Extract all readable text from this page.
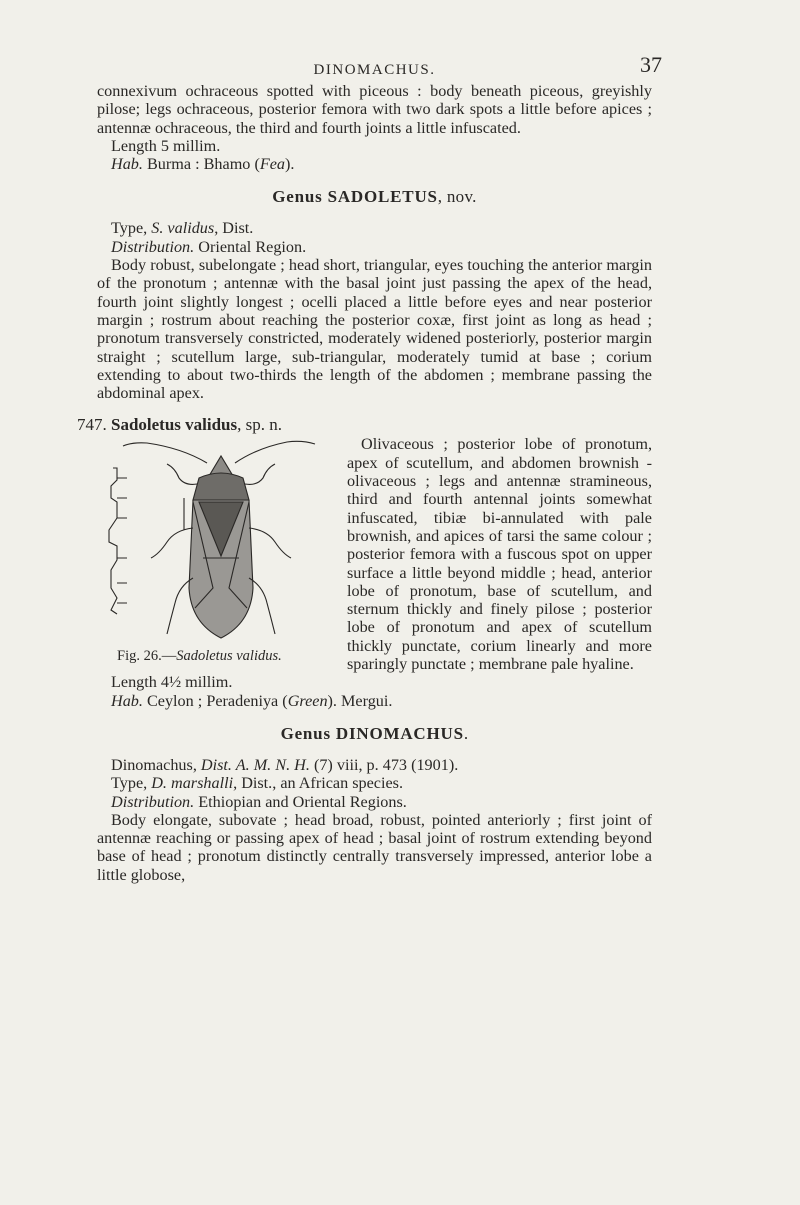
DINOMACHUS.	37

connexivum ochraceous spotted with piceous : body beneath piceous, greyishly pilose; legs ochraceous, posterior femora with two dark spots a little before apices ; antennæ ochraceous, the third and fourth joints a little infuscated.

Length 5 millim.

Hab. Burma : Bhamo (Fea).

Genus SADOLETUS, nov.

Type, S. validus, Dist.

Distribution. Oriental Region.

Body robust, subelongate ; head short, triangular, eyes touching the anterior margin of the pronotum ; antennæ with the basal joint just passing the apex of the head, fourth joint slightly longest ; ocelli placed a little before eyes and near posterior margin ; rostrum about reaching the posterior coxæ, first joint as long as head ; pronotum transversely constricted, moderately widened posteriorly, posterior margin straight ; scutellum large, sub-triangular, moderately tumid at base ; corium extending to about two-thirds the length of the abdomen ; membrane passing the abdominal apex.

747. Sadoletus validus, sp. n.
Fig. 26.—Sadoletus validus.

Olivaceous ; posterior lobe of pronotum, apex of scutellum, and abdomen brownish - olivaceous ; legs and antennæ stramineous, third and fourth antennal joints somewhat infuscated, tibiæ bi-annulated with pale brownish, and apices of tarsi the same colour ; posterior femora with a fuscous spot on upper surface a little beyond middle ; head, anterior lobe of pronotum, base of scutellum, and sternum thickly and finely pilose ; posterior lobe of pronotum and apex of scutellum thickly punctate, corium linearly and more sparingly punctate ; membrane pale hyaline.

Length 4½ millim.

Hab. Ceylon ; Peradeniya (Green). Mergui.

Genus DINOMACHUS.

Dinomachus, Dist. A. M. N. H. (7) viii, p. 473 (1901).

Type, D. marshalli, Dist., an African species.

Distribution. Ethiopian and Oriental Regions.

Body elongate, subovate ; head broad, robust, pointed anteriorly ; first joint of antennæ reaching or passing apex of head ; basal joint of rostrum extending beyond base of head ; pronotum distinctly centrally transversely impressed, anterior lobe a little globose,
